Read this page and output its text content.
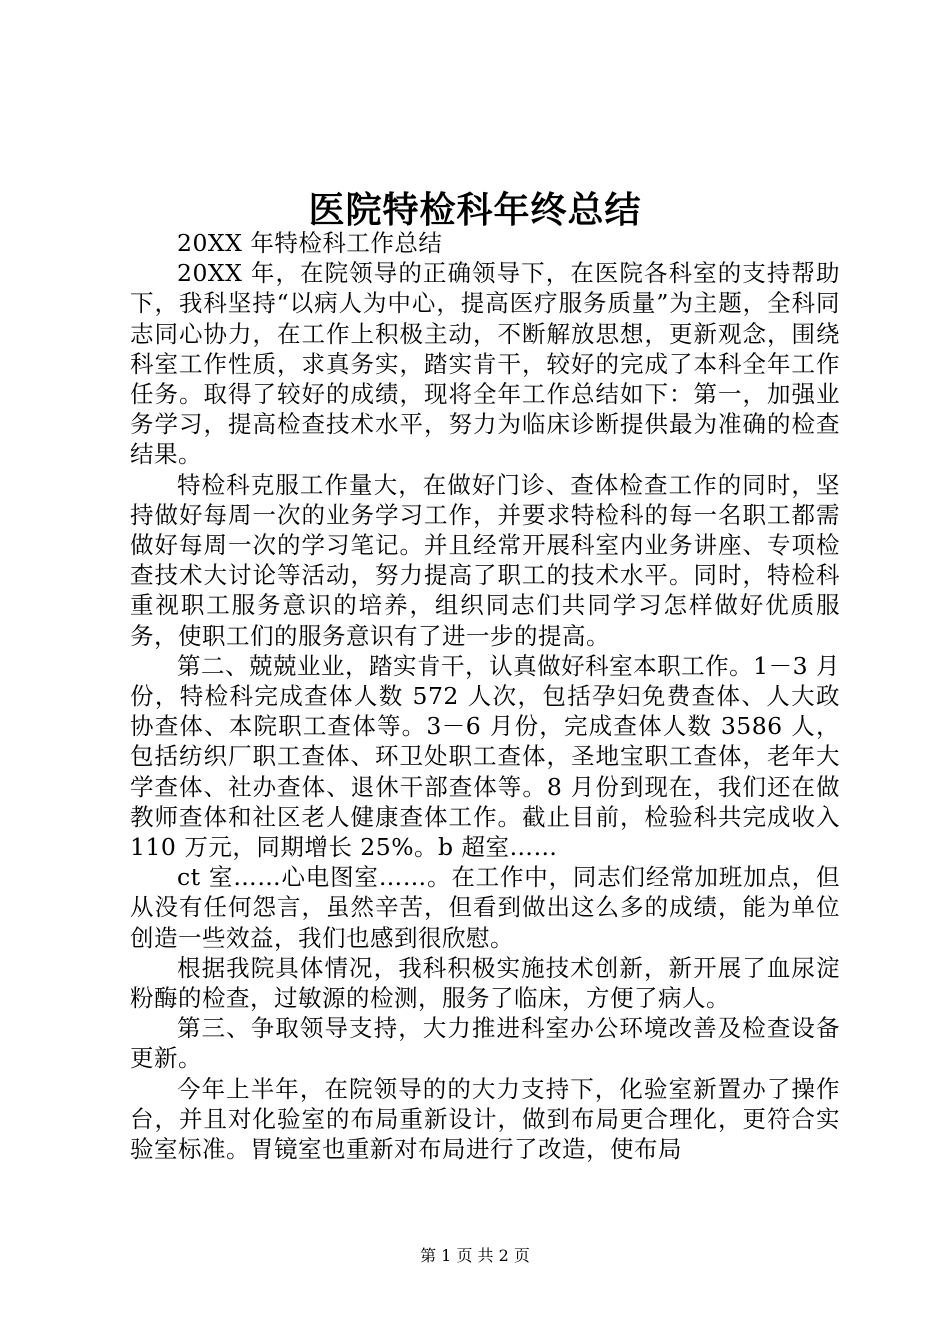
医院特检科年终总结

20XX 年特检科工作总结

20XX 年，在院领导的正确领导下，在医院各科室的支持帮助下，我科坚持“以病人为中心，提高医疗服务质量”为主题，全科同志同心协力，在工作上积极主动，不断解放思想，更新观念，围绕科室工作性质，求真务实，踏实肯干，较好的完成了本科全年工作任务。取得了较好的成绩，现将全年工作总结如下：第一，加强业务学习，提高检查技术水平，努力为临床诊断提供最为准确的检查结果。

特检科克服工作量大，在做好门诊、查体检查工作的同时，坚持做好每周一次的业务学习工作，并要求特检科的每一名职工都需做好每周一次的学习笔记。并且经常开展科室内业务讲座、专项检查技术大讨论等活动，努力提高了职工的技术水平。同时，特检科重视职工服务意识的培养，组织同志们共同学习怎样做好优质服务，使职工们的服务意识有了进一步的提高。

第二、兢兢业业，踏实肯干，认真做好科室本职工作。1－3 月份，特检科完成查体人数 572 人次，包括孕妇免费查体、人大政协查体、本院职工查体等。3－6 月份，完成查体人数 3586 人，包括纺织厂职工查体、环卫处职工查体，圣地宝职工查体，老年大学查体、社办查体、退休干部查体等。8 月份到现在，我们还在做教师查体和社区老人健康查体工作。截止目前，检验科共完成收入 110 万元，同期增长 25%。b 超室……

ct 室……心电图室……。在工作中，同志们经常加班加点，但从没有任何怨言，虽然辛苦，但看到做出这么多的成绩，能为单位创造一些效益，我们也感到很欣慰。

根据我院具体情况，我科积极实施技术创新，新开展了血尿淀粉酶的检查，过敏源的检测，服务了临床，方便了病人。

第三、争取领导支持，大力推进科室办公环境改善及检查设备更新。

今年上半年，在院领导的的大力支持下，化验室新置办了操作台，并且对化验室的布局重新设计，做到布局更合理化，更符合实验室标准。胃镜室也重新对布局进行了改造，使布局

第 1 页 共 2 页
